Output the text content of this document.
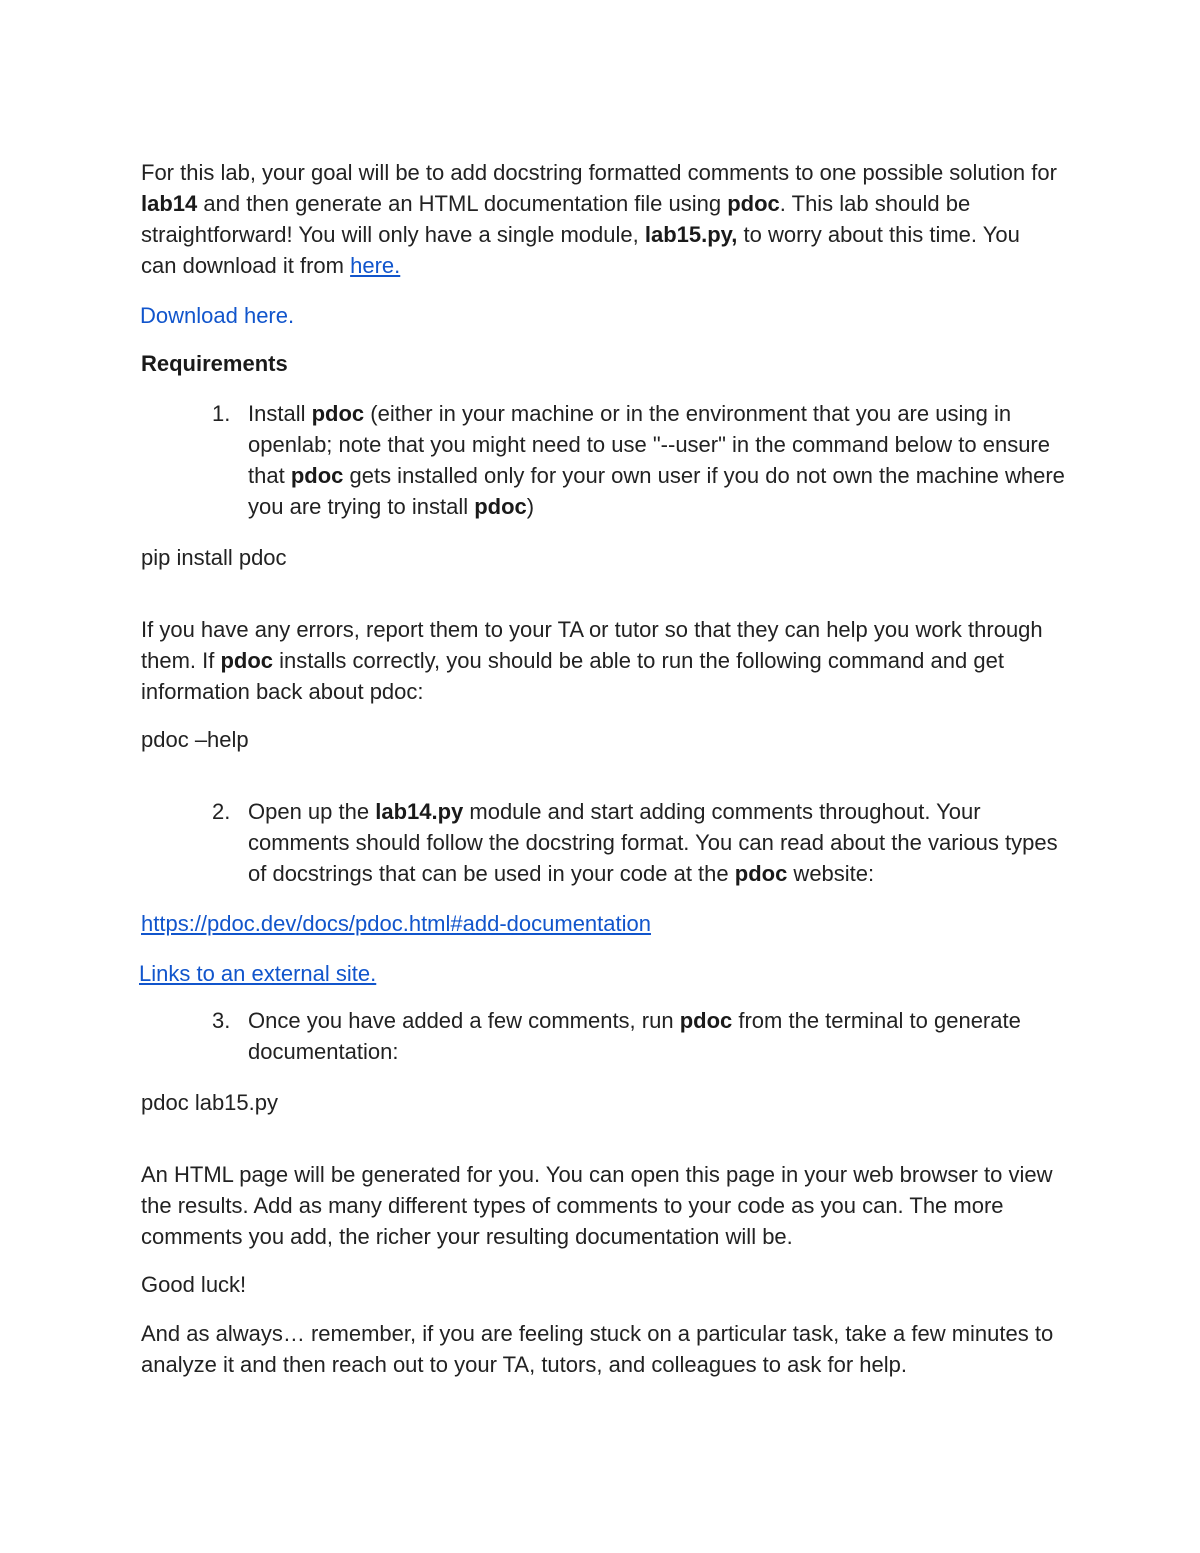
For this lab, your goal will be to add docstring formatted comments to one possible solution for lab14 and then generate an HTML documentation file using pdoc. This lab should be straightforward! You will only have a single module, lab15.py, to worry about this time. You can download it from here.

Download here.

Requirements

1. Install pdoc (either in your machine or in the environment that you are using in openlab; note that you might need to use "--user" in the command below to ensure that pdoc gets installed only for your own user if you do not own the machine where you are trying to install pdoc)

pip install pdoc

If you have any errors, report them to your TA or tutor so that they can help you work through them. If pdoc installs correctly, you should be able to run the following command and get information back about pdoc:

pdoc –help

2. Open up the lab14.py module and start adding comments throughout. Your comments should follow the docstring format. You can read about the various types of docstrings that can be used in your code at the pdoc website:

https://pdoc.dev/docs/pdoc.html#add-documentation

Links to an external site.

3. Once you have added a few comments, run pdoc from the terminal to generate documentation:

pdoc lab15.py

An HTML page will be generated for you. You can open this page in your web browser to view the results. Add as many different types of comments to your code as you can. The more comments you add, the richer your resulting documentation will be.

Good luck!

And as always… remember, if you are feeling stuck on a particular task, take a few minutes to analyze it and then reach out to your TA, tutors, and colleagues to ask for help.
